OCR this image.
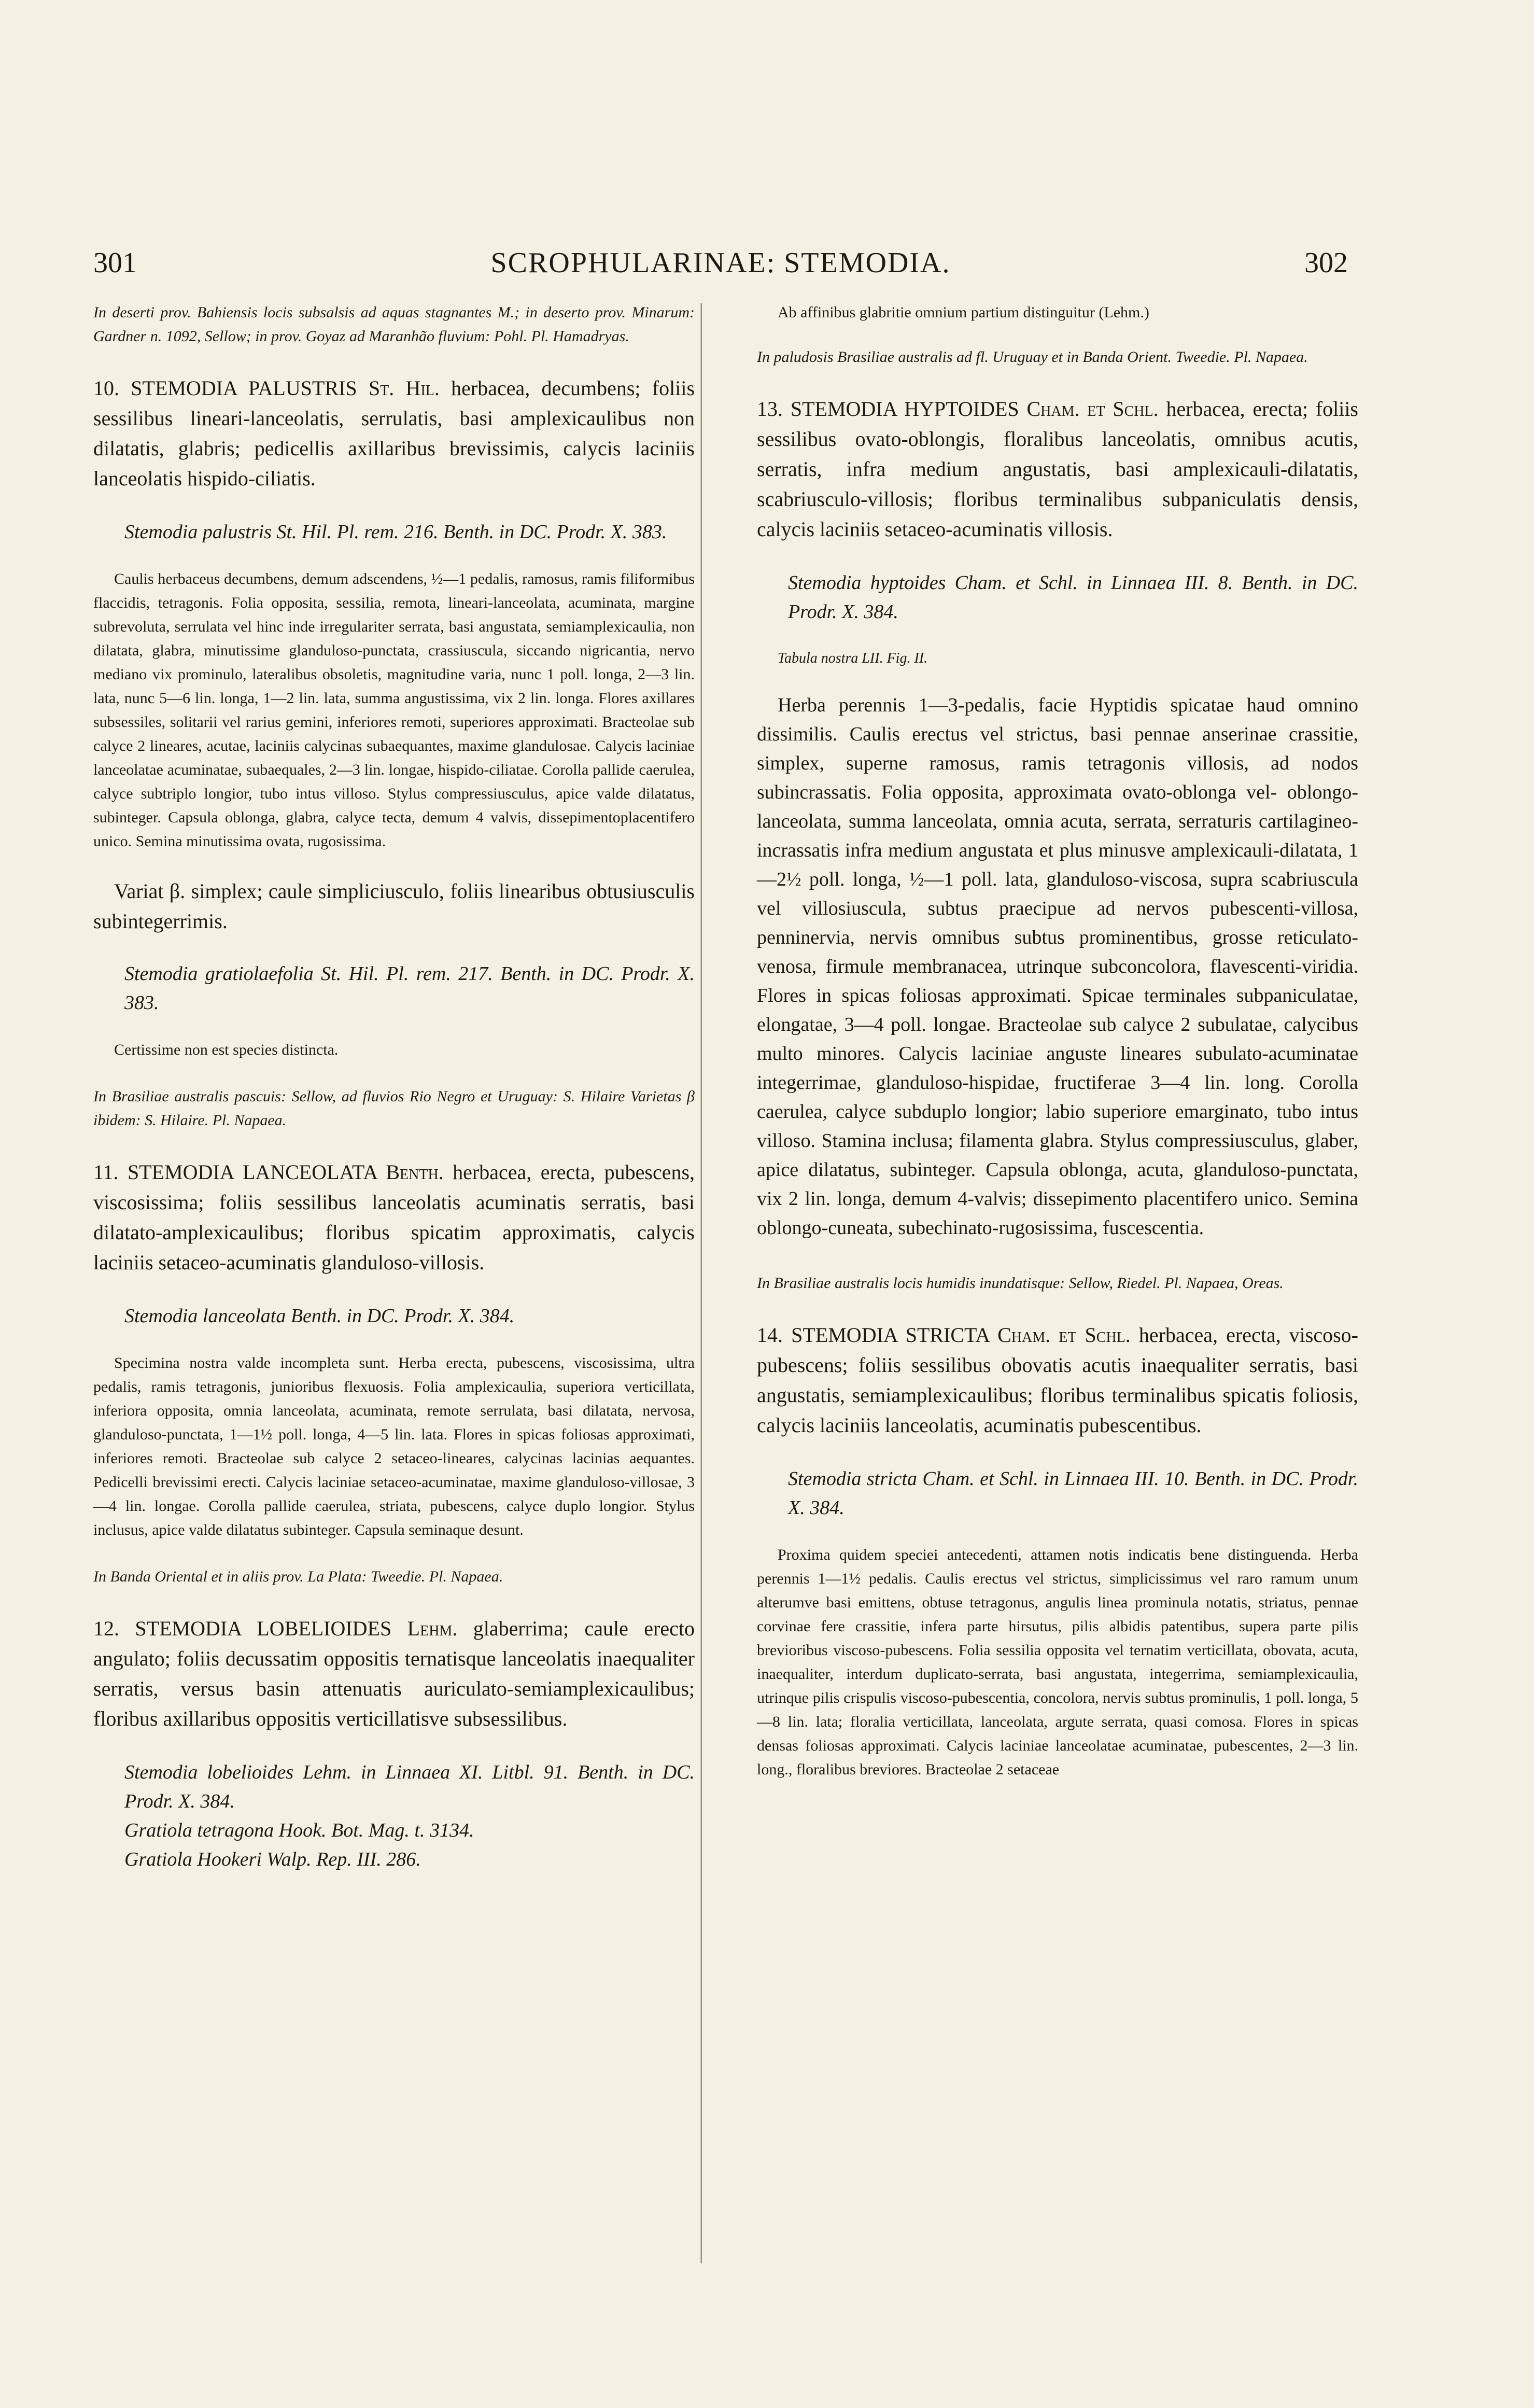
301	SCROPHULARINAE: STEMODIA.	302

In deserti prov. Bahiensis locis subsalsis ad aquas stagnantes M.; in deserto prov. Minarum: Gardner n. 1092, Sellow; in prov. Goyaz ad Maranhão fluvium: Pohl. Pl. Hamadryas.

10. STEMODIA PALUSTRIS St. Hil. herbacea, decumbens; foliis sessilibus lineari-lanceolatis, serrulatis, basi amplexicaulibus non dilatatis, glabris; pedicellis axillaribus brevissimis, calycis laciniis lanceolatis hispido-ciliatis.

Stemodia palustris St. Hil. Pl. rem. 216. Benth. in DC. Prodr. X. 383.

Caulis herbaceus decumbens, demum adscendens, ½—1 pedalis, ramosus, ramis filiformibus flaccidis, tetragonis. Folia opposita, sessilia, remota, lineari-lanceolata, acuminata, margine subrevoluta, serrulata vel hinc inde irregulariter serrata, basi angustata, semiamplexicaulia, non dilatata, glabra, minutissime glanduloso-punctata, crassiuscula, siccando nigricantia, nervo mediano vix prominulo, lateralibus obsoletis, magnitudine varia, nunc 1 poll. longa, 2—3 lin. lata, nunc 5—6 lin. longa, 1—2 lin. lata, summa angustissima, vix 2 lin. longa. Flores axillares subsessiles, solitarii vel rarius gemini, inferiores remoti, superiores approximati. Bracteolae sub calyce 2 lineares, acutae, laciniis calycinas subaequantes, maxime glandulosae. Calycis laciniae lanceolatae acuminatae, subaequales, 2—3 lin. longae, hispido-ciliatae. Corolla pallide caerulea, calyce subtriplo longior, tubo intus villoso. Stylus compressiusculus, apice valde dilatatus, subinteger. Capsula oblonga, glabra, calyce tecta, demum 4 valvis, dissepimentoplacentifero unico. Semina minutissima ovata, rugosissima.

Variat β. simplex; caule simpliciusculo, foliis linearibus obtusiusculis subintegerrimis.

Stemodia gratiolaefolia St. Hil. Pl. rem. 217. Benth. in DC. Prodr. X. 383.

Certissime non est species distincta.

In Brasiliae australis pascuis: Sellow, ad fluvios Rio Negro et Uruguay: S. Hilaire Varietas β ibidem: S. Hilaire. Pl. Napaea.

11. STEMODIA LANCEOLATA Benth. herbacea, erecta, pubescens, viscosissima; foliis sessilibus lanceolatis acuminatis serratis, basi dilatato-amplexicaulibus; floribus spicatim approximatis, calycis laciniis setaceo-acuminatis glanduloso-villosis.

Stemodia lanceolata Benth. in DC. Prodr. X. 384.

Specimina nostra valde incompleta sunt. Herba erecta, pubescens, viscosissima, ultra pedalis, ramis tetragonis, junioribus flexuosis. Folia amplexicaulia, superiora verticillata, inferiora opposita, omnia lanceolata, acuminata, remote serrulata, basi dilatata, nervosa, glanduloso-punctata, 1—1½ poll. longa, 4—5 lin. lata. Flores in spicas foliosas approximati, inferiores remoti. Bracteolae sub calyce 2 setaceo-lineares, calycinas lacinias aequantes. Pedicelli brevissimi erecti. Calycis laciniae setaceo-acuminatae, maxime glanduloso-villosae, 3—4 lin. longae. Corolla pallide caerulea, striata, pubescens, calyce duplo longior. Stylus inclusus, apice valde dilatatus subinteger. Capsula seminaque desunt.

In Banda Oriental et in aliis prov. La Plata: Tweedie. Pl. Napaea.

12. STEMODIA LOBELIOIDES Lehm. glaberrima; caule erecto angulato; foliis decussatim oppositis ternatisque lanceolatis inaequaliter serratis, versus basin attenuatis auriculato-semiamplexicaulibus; floribus axillaribus oppositis verticillatisve subsessilibus.

Stemodia lobelioides Lehm. in Linnaea XI. Litbl. 91. Benth. in DC. Prodr. X. 384.
Gratiola tetragona Hook. Bot. Mag. t. 3134.
Gratiola Hookeri Walp. Rep. III. 286.

Ab affinibus glabritie omnium partium distinguitur (Lehm.)

In paludosis Brasiliae australis ad fl. Uruguay et in Banda Orient. Tweedie. Pl. Napaea.

13. STEMODIA HYPTOIDES Cham. et Schl. herbacea, erecta; foliis sessilibus ovato-oblongis, floralibus lanceolatis, omnibus acutis, serratis, infra medium angustatis, basi amplexicauli-dilatatis, scabriusculo-villosis; floribus terminalibus subpaniculatis densis, calycis laciniis setaceo-acuminatis villosis.

Stemodia hyptoides Cham. et Schl. in Linnaea III. 8. Benth. in DC. Prodr. X. 384.

Tabula nostra LII. Fig. II.

Herba perennis 1—3-pedalis, facie Hyptidis spicatae haud omnino dissimilis. Caulis erectus vel strictus, basi pennae anserinae crassitie, simplex, superne ramosus, ramis tetragonis villosis, ad nodos subincrassatis. Folia opposita, approximata ovato-oblonga vel- oblongo-lanceolata, summa lanceolata, omnia acuta, serrata, serraturis cartilagineo-incrassatis infra medium angustata et plus minusve amplexicauli-dilatata, 1—2½ poll. longa, ½—1 poll. lata, glanduloso-viscosa, supra scabriuscula vel villosiuscula, subtus praecipue ad nervos pubescenti-villosa, penninervia, nervis omnibus subtus prominentibus, grosse reticulato-venosa, firmule membranacea, utrinque subconcolora, flavescenti-viridia. Flores in spicas foliosas approximati. Spicae terminales subpaniculatae, elongatae, 3—4 poll. longae. Bracteolae sub calyce 2 subulatae, calycibus multo minores. Calycis laciniae anguste lineares subulato-acuminatae integerrimae, glanduloso-hispidae, fructiferae 3—4 lin. long. Corolla caerulea, calyce subduplo longior; labio superiore emarginato, tubo intus villoso. Stamina inclusa; filamenta glabra. Stylus compressiusculus, glaber, apice dilatatus, subinteger. Capsula oblonga, acuta, glanduloso-punctata, vix 2 lin. longa, demum 4-valvis; dissepimento placentifero unico. Semina oblongo-cuneata, subechinato-rugosissima, fuscescentia.

In Brasiliae australis locis humidis inundatisque: Sellow, Riedel. Pl. Napaea, Oreas.

14. STEMODIA STRICTA Cham. et Schl. herbacea, erecta, viscoso-pubescens; foliis sessilibus obovatis acutis inaequaliter serratis, basi angustatis, semiamplexicaulibus; floribus terminalibus spicatis foliosis, calycis laciniis lanceolatis, acuminatis pubescentibus.

Stemodia stricta Cham. et Schl. in Linnaea III. 10. Benth. in DC. Prodr. X. 384.

Proxima quidem speciei antecedenti, attamen notis indicatis bene distinguenda. Herba perennis 1—1½ pedalis. Caulis erectus vel strictus, simplicissimus vel raro ramum unum alterumve basi emittens, obtuse tetragonus, angulis linea prominula notatis, striatus, pennae corvinae fere crassitie, infera parte hirsutus, pilis albidis patentibus, supera parte pilis brevioribus viscoso-pubescens. Folia sessilia opposita vel ternatim verticillata, obovata, acuta, inaequaliter, interdum duplicato-serrata, basi angustata, integerrima, semiamplexicaulia, utrinque pilis crispulis viscoso-pubescentia, concolora, nervis subtus prominulis, 1 poll. longa, 5—8 lin. lata; floralia verticillata, lanceolata, argute serrata, quasi comosa. Flores in spicas densas foliosas approximati. Calycis laciniae lanceolatae acuminatae, pubescentes, 2—3 lin. long., floralibus breviores. Bracteolae 2 setaceae
